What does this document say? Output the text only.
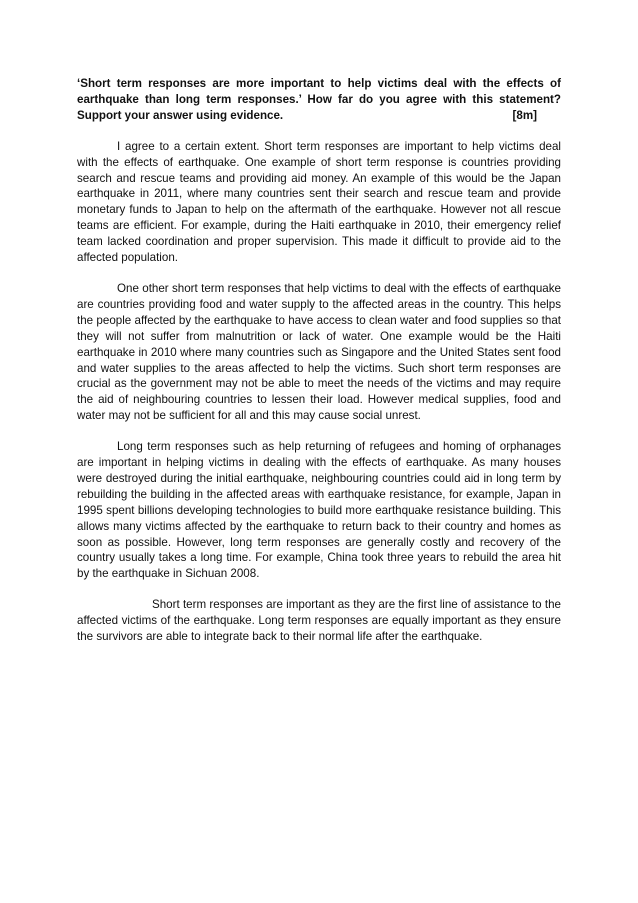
‘Short term responses are more important to help victims deal with the effects of earthquake than long term responses.’ How far do you agree with this statement? Support your answer using evidence.	[8m]

I agree to a certain extent. Short term responses are important to help victims deal with the effects of earthquake. One example of short term response is countries providing search and rescue teams and providing aid money. An example of this would be the Japan earthquake in 2011, where many countries sent their search and rescue team and provide monetary funds to Japan to help on the aftermath of the earthquake. However not all rescue teams are efficient. For example, during the Haiti earthquake in 2010, their emergency relief team lacked coordination and proper supervision. This made it difficult to provide aid to the affected population.

One other short term responses that help victims to deal with the effects of earthquake are countries providing food and water supply to the affected areas in the country. This helps the people affected by the earthquake to have access to clean water and food supplies so that they will not suffer from malnutrition or lack of water. One example would be the Haiti earthquake in 2010 where many countries such as Singapore and the United States sent food and water supplies to the areas affected to help the victims. Such short term responses are crucial as the government may not be able to meet the needs of the victims and may require the aid of neighbouring countries to lessen their load. However medical supplies, food and water may not be sufficient for all and this may cause social unrest.

Long term responses such as help returning of refugees and homing of orphanages are important in helping victims in dealing with the effects of earthquake. As many houses were destroyed during the initial earthquake, neighbouring countries could aid in long term by rebuilding the building in the affected areas with earthquake resistance, for example, Japan in 1995 spent billions developing technologies to build more earthquake resistance building. This allows many victims affected by the earthquake to return back to their country and homes as soon as possible. However, long term responses are generally costly and recovery of the country usually takes a long time. For example, China took three years to rebuild the area hit by the earthquake in Sichuan 2008.

Short term responses are important as they are the first line of assistance to the affected victims of the earthquake. Long term responses are equally important as they ensure the survivors are able to integrate back to their normal life after the earthquake.
